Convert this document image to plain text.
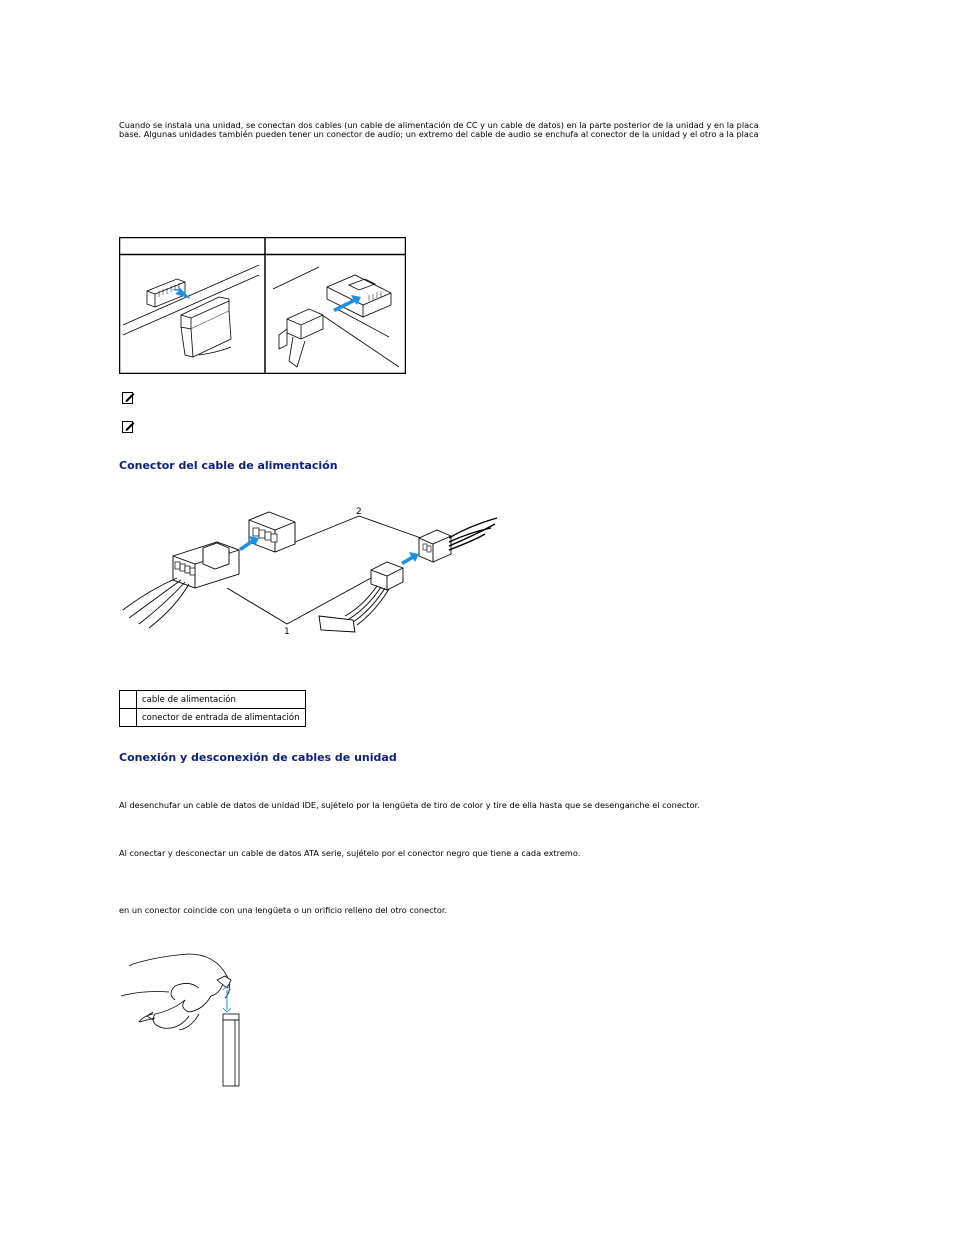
Cuando se instala una unidad, se conectan dos cables (un cable de alimentación de CC y un cable de datos) en la parte posterior de la unidad y en la placa
base. Algunas unidades también pueden tener un conector de audio; un extremo del cable de audio se enchufa al conector de la unidad y el otro a la placa
Conector del cable de alimentación
2
1
	cable de alimentación
	conector de entrada de alimentación
Conexión y desconexión de cables de unidad
Al desenchufar un cable de datos de unidad IDE, sujételo por la lengüeta de tiro de color y tire de ella hasta que se desenganche el conector.
Al conectar y desconectar un cable de datos ATA serie, sujételo por el conector negro que tiene a cada extremo.
en un conector coincide con una lengüeta o un orificio relleno del otro conector.
